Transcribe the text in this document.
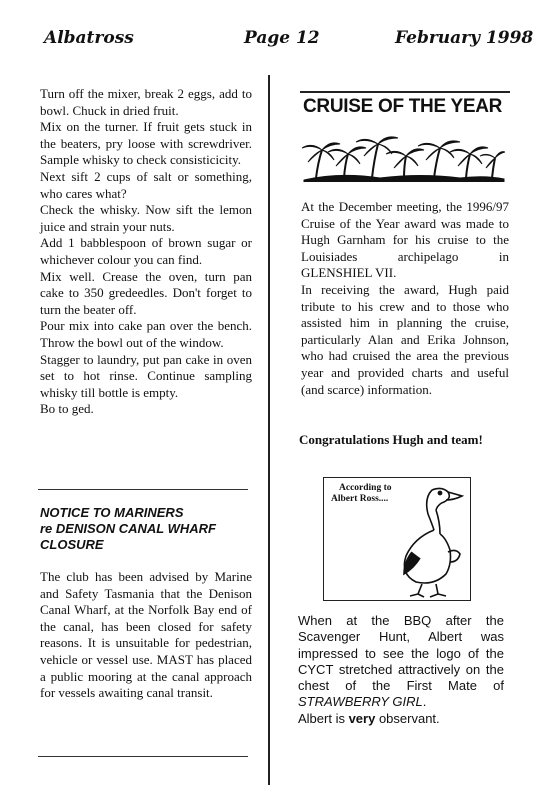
Albatross	Page 12	February 1998

Turn off the mixer, break 2 eggs, add to bowl. Chuck in dried fruit.

Mix on the turner. If fruit gets stuck in the beaters, pry loose with screwdriver. Sample whisky to check consisticicity.

Next sift 2 cups of salt or something, who cares what?

Check the whisky. Now sift the lemon juice and strain your nuts.

Add 1 babblespoon of brown sugar or whichever colour you can find.

Mix well. Crease the oven, turn pan cake to 350 gredeedles. Don't forget to turn the beater off.

Pour mix into cake pan over the bench. Throw the bowl out of the window.

Stagger to laundry, put pan cake in oven set to hot rinse. Continue sampling whisky till bottle is empty.

Bo to ged.

NOTICE TO MARINERS
re DENISON CANAL WHARF
CLOSURE

The club has been advised by Marine and Safety Tasmania that the Denison Canal Wharf, at the Norfolk Bay end of the canal, has been closed for safety reasons. It is unsuitable for pedestrian, vehicle or vessel use. MAST has placed a public mooring at the canal approach for vessels awaiting canal transit.

CRUISE OF THE YEAR

At the December meeting, the 1996/97 Cruise of the Year award was made to Hugh Garnham for his cruise to the Louisiades archipelago in GLENSHIEL VII.

In receiving the award, Hugh paid tribute to his crew and to those who assisted him in planning the cruise, particularly Alan and Erika Johnson, who had cruised the area the previous year and provided charts and useful (and scarce) information.

Congratulations Hugh and team!

According to
Albert Ross....

When at the BBQ after the Scavenger Hunt, Albert was impressed to see the logo of the CYCT stretched attractively on the chest of the First Mate of STRAWBERRY GIRL.
Albert is very observant.
